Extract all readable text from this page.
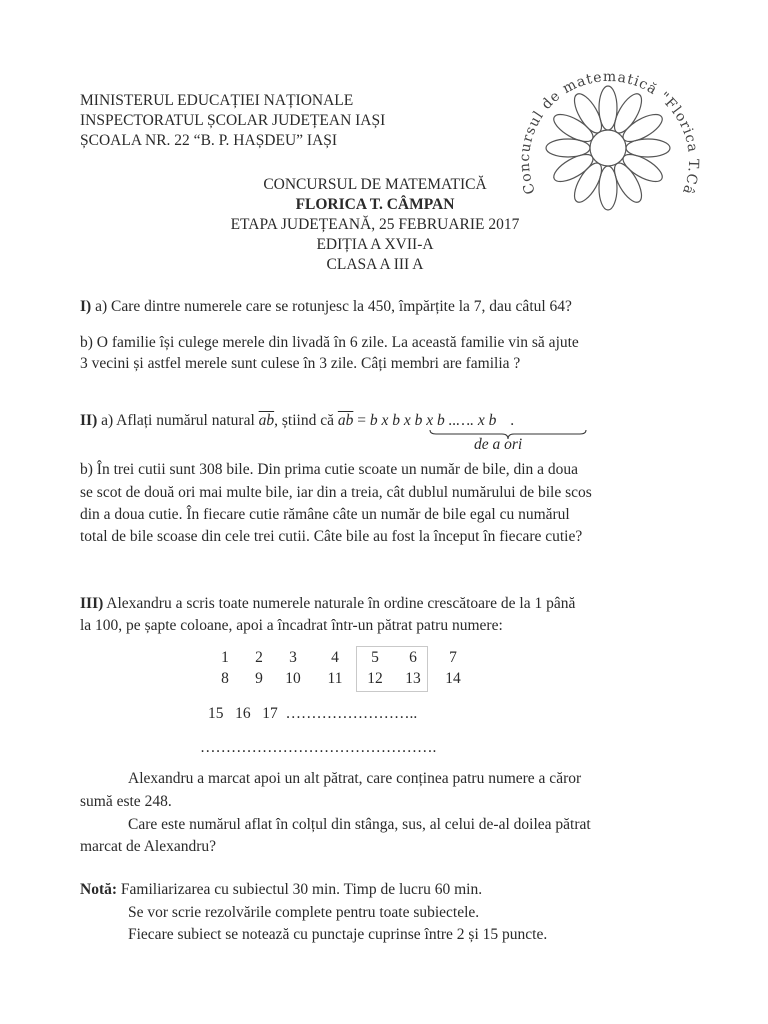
MINISTERUL EDUCAȚIEI NAȚIONALE
INSPECTORATUL ȘCOLAR JUDEȚEAN IAȘI
ȘCOALA NR. 22 “B. P. HAȘDEU” IAȘI
Concursul de matematică "Florica T.Câ
CONCURSUL DE MATEMATICĂ
FLORICA T. CÂMPAN
ETAPA JUDEȚEANĂ, 25 FEBRUARIE 2017
EDIȚIA A XVII-A
CLASA A III A
I) a) Care dintre numerele care se rotunjesc la 450, împărțite la 7, dau câtul 64?
b) O familie își culege merele din livadă în 6 zile. La această familie vin să ajute
3 vecini și astfel merele sunt culese în 3 zile. Câți membri are familia ?
II) a) Aflați numărul natural $\overline{ab}$, știind că $\overline{ab} = b$ x b x b x b ..…. x b .
de a ori
b) În trei cutii sunt 308 bile. Din prima cutie scoate un număr de bile, din a doua
se scot de două ori mai multe bile, iar din a treia, cât dublul numărului de bile scos
din a doua cutie. În fiecare cutie rămâne câte un număr de bile egal cu numărul
total de bile scoase din cele trei cutii. Câte bile au fost la început în fiecare cutie?
III) Alexandru a scris toate numerele naturale în ordine crescătoare de la 1 până
la 100, pe șapte coloane, apoi a încadrat într-un pătrat patru numere:
1	2	3	4	5	6	7
8	9	10	11	12	13	14
15 16 17 ……………………..
……………………………………….
Alexandru a marcat apoi un alt pătrat, care conținea patru numere a căror
sumă este 248.
Care este numărul aflat în colțul din stânga, sus, al celui de-al doilea pătrat
marcat de Alexandru?
Notă: Familiarizarea cu subiectul 30 min. Timp de lucru 60 min.
Se vor scrie rezolvările complete pentru toate subiectele.
Fiecare subiect se notează cu punctaje cuprinse între 2 și 15 puncte.
